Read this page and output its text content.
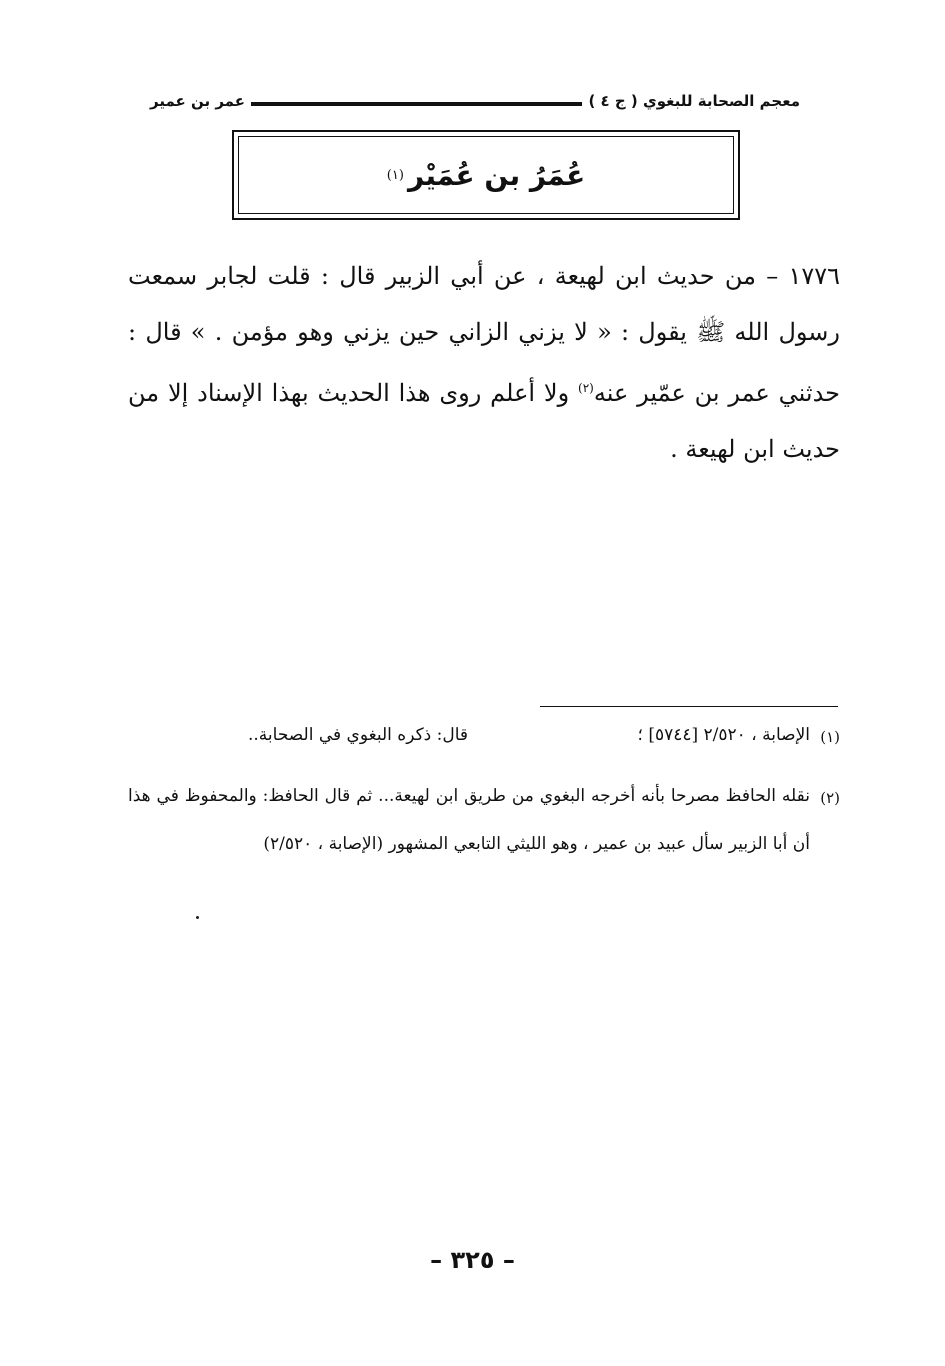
معجم الصحابة للبغوي ( ج ٤ )
عمر بن عمير
عُمَرُ بن عُمَيْر
(١)
١٧٧٦ – من حديث ابن لهيعة ، عن أبي الزبير قال : قلت لجابر سمعت رسول الله ﷺ يقول : « لا يزني الزاني حين يزني وهو مؤمن . » قال : حدثني عمر بن عمّير عنه$^{(٢)}$ ولا أعلم روى هذا الحديث بهذا الإسناد إلا من حديث ابن لهيعة .
(١)
الإصابة ، ٢/٥٢٠ [٥٧٤٤] ؛
قال: ذكره البغوي في الصحابة..
(٢)
نقله الحافظ مصرحا بأنه أخرجه البغوي من طريق ابن لهيعة... ثم قال الحافظ: والمحفوظ في هذا أن أبا الزبير سأل عبيد بن عمير ، وهو الليثي التابعي المشهور (الإصابة ، ٢/٥٢٠)
– ٣٢٥ –
